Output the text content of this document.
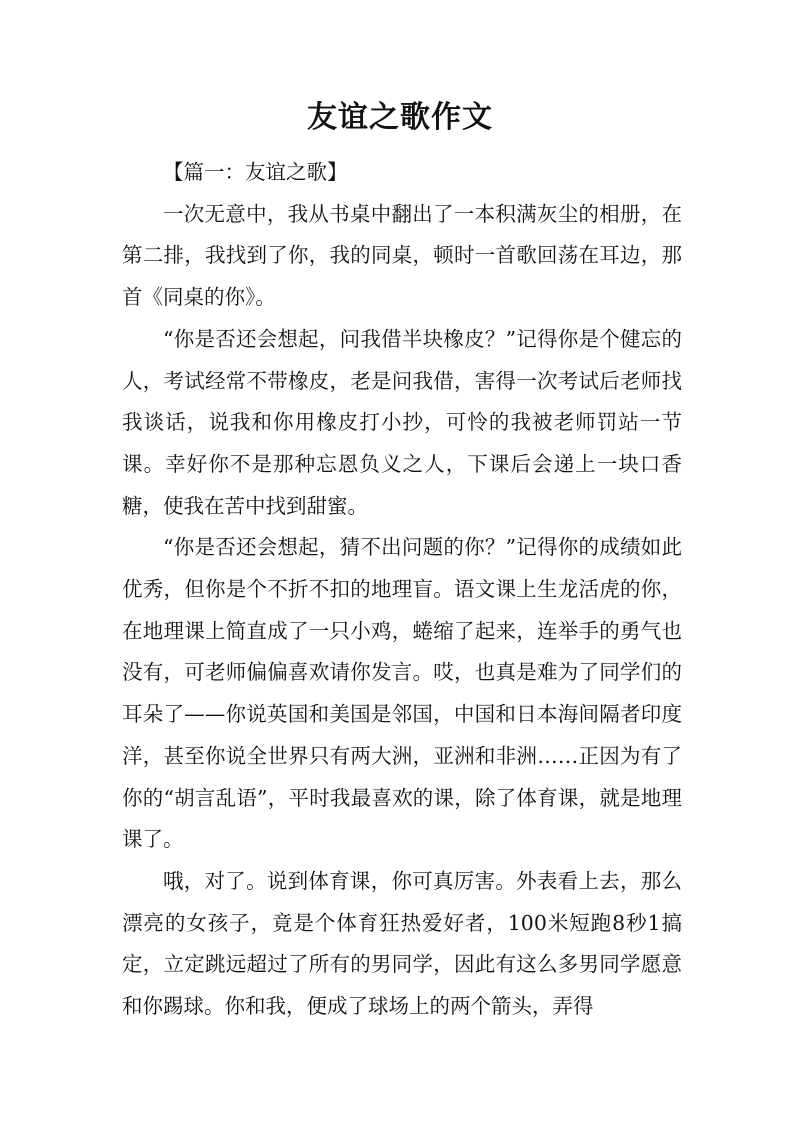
友谊之歌作文

【篇一：友谊之歌】

一次无意中，我从书桌中翻出了一本积满灰尘的相册，在第二排，我找到了你，我的同桌，顿时一首歌回荡在耳边，那首《同桌的你》。

“你是否还会想起，问我借半块橡皮？”记得你是个健忘的人，考试经常不带橡皮，老是问我借，害得一次考试后老师找我谈话，说我和你用橡皮打小抄，可怜的我被老师罚站一节课。幸好你不是那种忘恩负义之人，下课后会递上一块口香糖，使我在苦中找到甜蜜。

“你是否还会想起，猜不出问题的你？”记得你的成绩如此优秀，但你是个不折不扣的地理盲。语文课上生龙活虎的你，在地理课上简直成了一只小鸡，蜷缩了起来，连举手的勇气也没有，可老师偏偏喜欢请你发言。哎，也真是难为了同学们的耳朵了——你说英国和美国是邻国，中国和日本海间隔者印度洋，甚至你说全世界只有两大洲，亚洲和非洲……正因为有了你的“胡言乱语”，平时我最喜欢的课，除了体育课，就是地理课了。

哦，对了。说到体育课，你可真厉害。外表看上去，那么漂亮的女孩子，竟是个体育狂热爱好者，100米短跑8秒1搞定，立定跳远超过了所有的男同学，因此有这么多男同学愿意和你踢球。你和我，便成了球场上的两个箭头，弄得
